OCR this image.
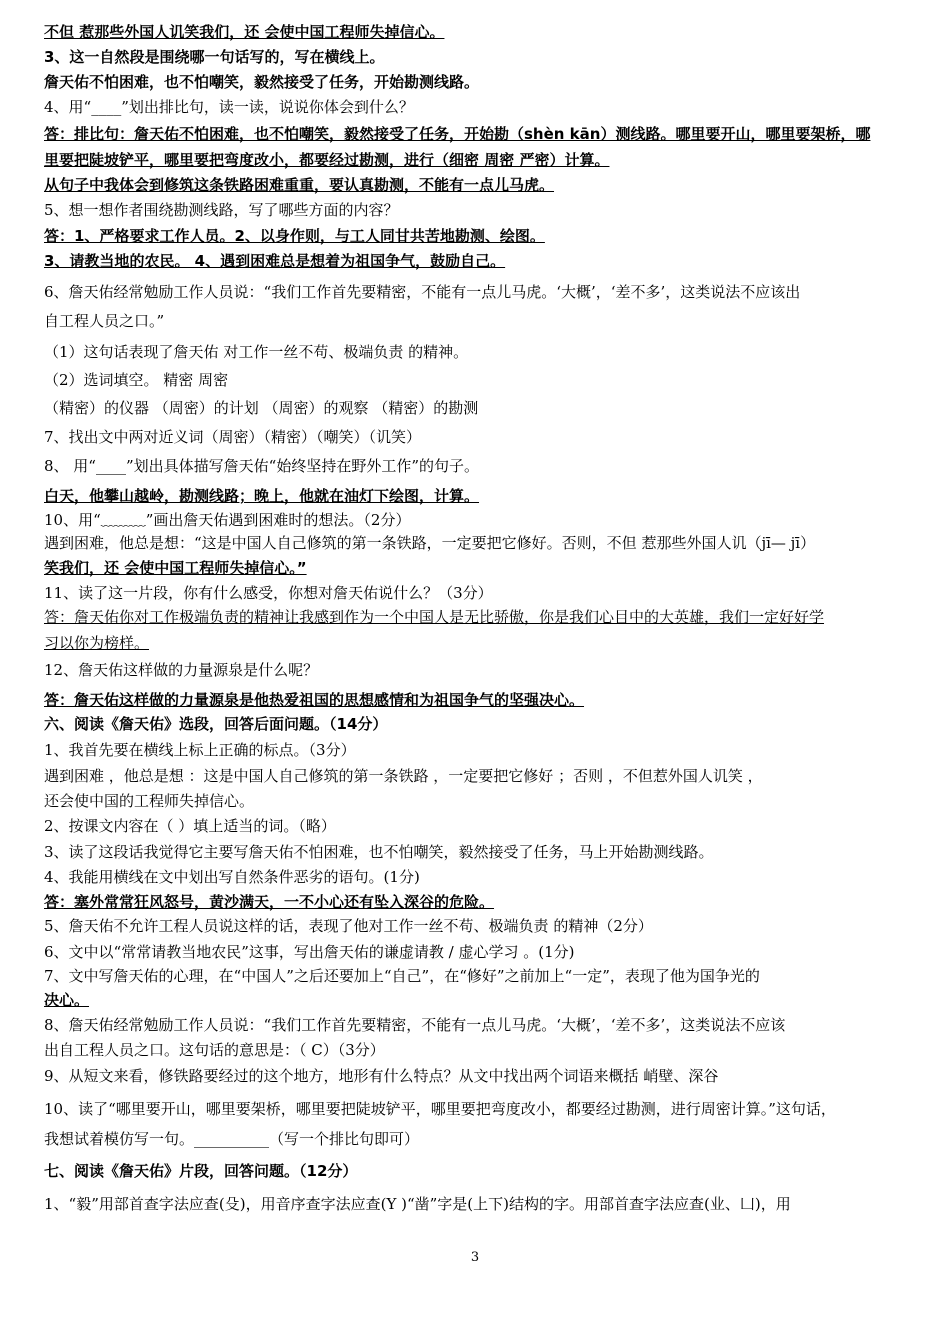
不但 惹那些外国人讥笑我们，还 会使中国工程师失掉信心。
3、这一自然段是围绕哪一句话写的，写在横线上。
詹天佑不怕困难，也不怕嘲笑，毅然接受了任务，开始勘测线路。
4、用“____”划出排比句，读一读，说说你体会到什么？
答：排比句：詹天佑不怕困难，也不怕嘲笑，毅然接受了任务，开始勘（shèn kān）测线路。哪里要开山，哪里要架桥，哪
里要把陡坡铲平，哪里要把弯度改小，都要经过勘测，进行（细密 周密 严密）计算。
从句子中我体会到修筑这条铁路困难重重，要认真勘测，不能有一点儿马虎。
5、想一想作者围绕勘测线路，写了哪些方面的内容？
答：1、严格要求工作人员。2、以身作则，与工人同甘共苦地勘测、绘图。
3、请教当地的农民。 4、遇到困难总是想着为祖国争气，鼓励自己。
6、詹天佑经常勉励工作人员说：“我们工作首先要精密，不能有一点儿马虎。‘大概’，‘差不多’，这类说法不应该出
自工程人员之口。”
（1）这句话表现了詹天佑 对工作一丝不苟、极端负责 的精神。
（2）选词填空。 精密 周密
（精密）的仪器 （周密）的计划 （周密）的观察 （精密）的勘测
7、找出文中两对近义词（周密）（精密）（嘲笑）（讥笑）
8、 用“____”划出具体描写詹天佑“始终坚持在野外工作”的句子。
白天，他攀山越岭，勘测线路；晚上，他就在油灯下绘图，计算。
10、用“﹏﹏﹏”画出詹天佑遇到困难时的想法。（2分）
遇到困难，他总是想：“这是中国人自己修筑的第一条铁路，一定要把它修好。否则，不但 惹那些外国人讥（jī— jī）
笑我们，还 会使中国工程师失掉信心。”
11、读了这一片段，你有什么感受，你想对詹天佑说什么？（3分）
答：詹天佑你对工作极端负责的精神让我感到作为一个中国人是无比骄傲，你是我们心目中的大英雄，我们一定好好学
习以你为榜样。
12、詹天佑这样做的力量源泉是什么呢？
答：詹天佑这样做的力量源泉是他热爱祖国的思想感情和为祖国争气的坚强决心。
六、阅读《詹天佑》选段，回答后面问题。（14分）
1、我首先要在横线上标上正确的标点。（3分）
遇到困难 ，他总是想 ：这是中国人自己修筑的第一条铁路 ，一定要把它修好 ；否则 ，不但惹外国人讥笑 ，
还会使中国的工程师失掉信心。
2、按课文内容在（ ）填上适当的词。（略）
3、读了这段话我觉得它主要写詹天佑不怕困难，也不怕嘲笑，毅然接受了任务，马上开始勘测线路。
4、我能用横线在文中划出写自然条件恶劣的语句。(1分)
答：塞外常常狂风怒号，黄沙满天，一不小心还有坠入深谷的危险。
5、詹天佑不允许工程人员说这样的话，表现了他对工作一丝不苟、极端负责 的精神（2分）
6、文中以“常常请教当地农民”这事，写出詹天佑的谦虚请教 / 虚心学习 。(1分)
7、文中写詹天佑的心理，在“中国人”之后还要加上“自己”，在“修好”之前加上“一定”，表现了他为国争光的
决心。
8、詹天佑经常勉励工作人员说：“我们工作首先要精密，不能有一点儿马虎。‘大概’，‘差不多’，这类说法不应该
出自工程人员之口。这句话的意思是：（ C）（3分）
9、从短文来看，修铁路要经过的这个地方，地形有什么特点？从文中找出两个词语来概括 峭壁、深谷
10、读了“哪里要开山，哪里要架桥，哪里要把陡坡铲平，哪里要把弯度改小，都要经过勘测，进行周密计算。”这句话，
我想试着模仿写一句。__________（写一个排比句即可）
七、阅读《詹天佑》片段，回答问题。（12分）
1、“毅”用部首查字法应查(殳)，用音序查字法应查(Y )“凿”字是(上下)结构的字。用部首查字法应查(业、凵)，用
3
